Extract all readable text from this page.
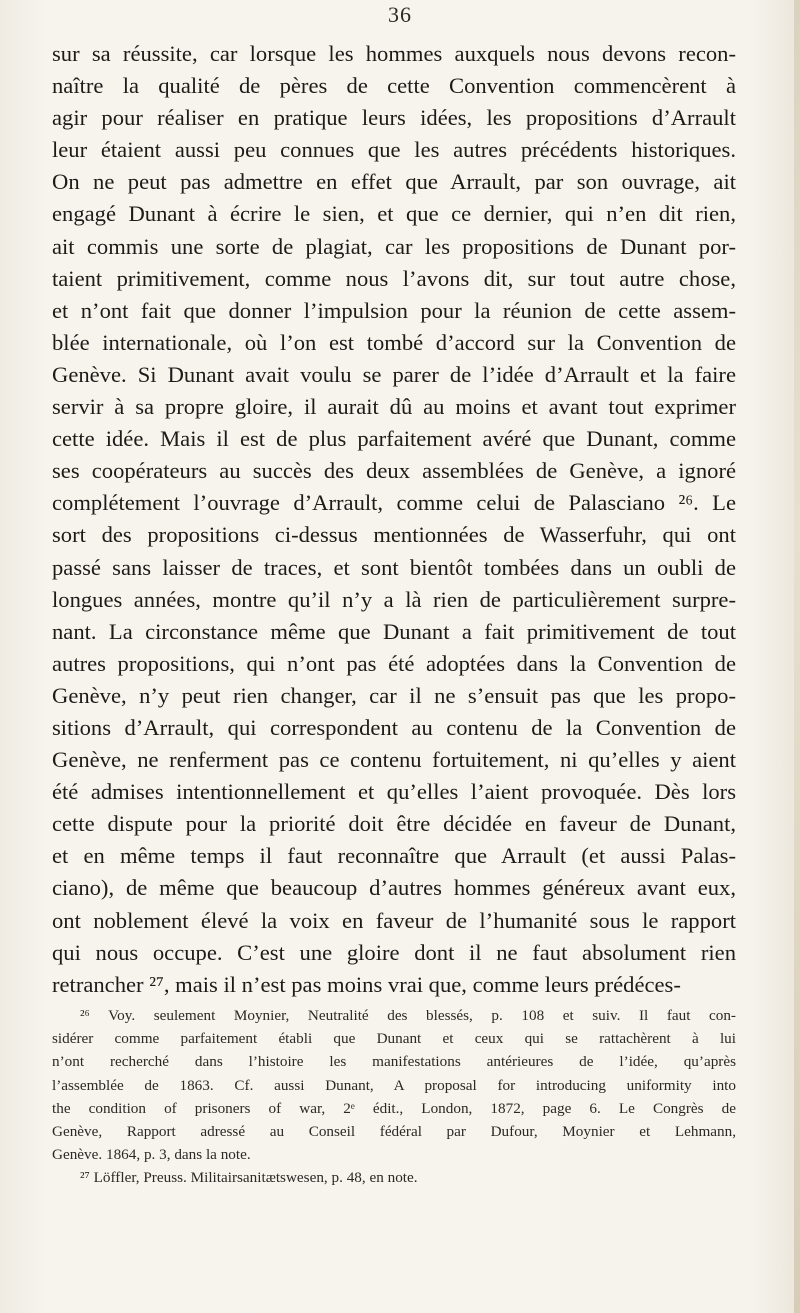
36
sur sa réussite, car lorsque les hommes auxquels nous devons recon-
naître la qualité de pères de cette Convention commencèrent à
agir pour réaliser en pratique leurs idées, les propositions d’Arrault
leur étaient aussi peu connues que les autres précédents historiques.
On ne peut pas admettre en effet que Arrault, par son ouvrage, ait
engagé Dunant à écrire le sien, et que ce dernier, qui n’en dit rien,
ait commis une sorte de plagiat, car les propositions de Dunant por-
taient primitivement, comme nous l’avons dit, sur tout autre chose,
et n’ont fait que donner l’impulsion pour la réunion de cette assem-
blée internationale, où l’on est tombé d’accord sur la Convention de
Genève. Si Dunant avait voulu se parer de l’idée d’Arrault et la faire
servir à sa propre gloire, il aurait dû au moins et avant tout exprimer
cette idée. Mais il est de plus parfaitement avéré que Dunant, comme
ses coopérateurs au succès des deux assemblées de Genève, a ignoré
complétement l’ouvrage d’Arrault, comme celui de Palasciano ²⁶. Le
sort des propositions ci-dessus mentionnées de Wasserfuhr, qui ont
passé sans laisser de traces, et sont bientôt tombées dans un oubli de
longues années, montre qu’il n’y a là rien de particulièrement surpre-
nant. La circonstance même que Dunant a fait primitivement de tout
autres propositions, qui n’ont pas été adoptées dans la Convention de
Genève, n’y peut rien changer, car il ne s’ensuit pas que les propo-
sitions d’Arrault, qui correspondent au contenu de la Convention de
Genève, ne renferment pas ce contenu fortuitement, ni qu’elles y aient
été admises intentionnellement et qu’elles l’aient provoquée. Dès lors
cette dispute pour la priorité doit être décidée en faveur de Dunant,
et en même temps il faut reconnaître que Arrault (et aussi Palas-
ciano), de même que beaucoup d’autres hommes généreux avant eux,
ont noblement élevé la voix en faveur de l’humanité sous le rapport
qui nous occupe. C’est une gloire dont il ne faut absolument rien
retrancher ²⁷, mais il n’est pas moins vrai que, comme leurs prédéces-
²⁶ Voy. seulement Moynier, Neutralité des blessés, p. 108 et suiv. Il faut con-
sidérer comme parfaitement établi que Dunant et ceux qui se rattachèrent à lui
n’ont recherché dans l’histoire les manifestations antérieures de l’idée, qu’après
l’assemblée de 1863. Cf. aussi Dunant, A proposal for introducing uniformity into
the condition of prisoners of war, 2ᵉ édit., London, 1872, page 6. Le Congrès de
Genève, Rapport adressé au Conseil fédéral par Dufour, Moynier et Lehmann,
Genève. 1864, p. 3, dans la note.
²⁷ Löffler, Preuss. Militairsanitætswesen, p. 48, en note.
